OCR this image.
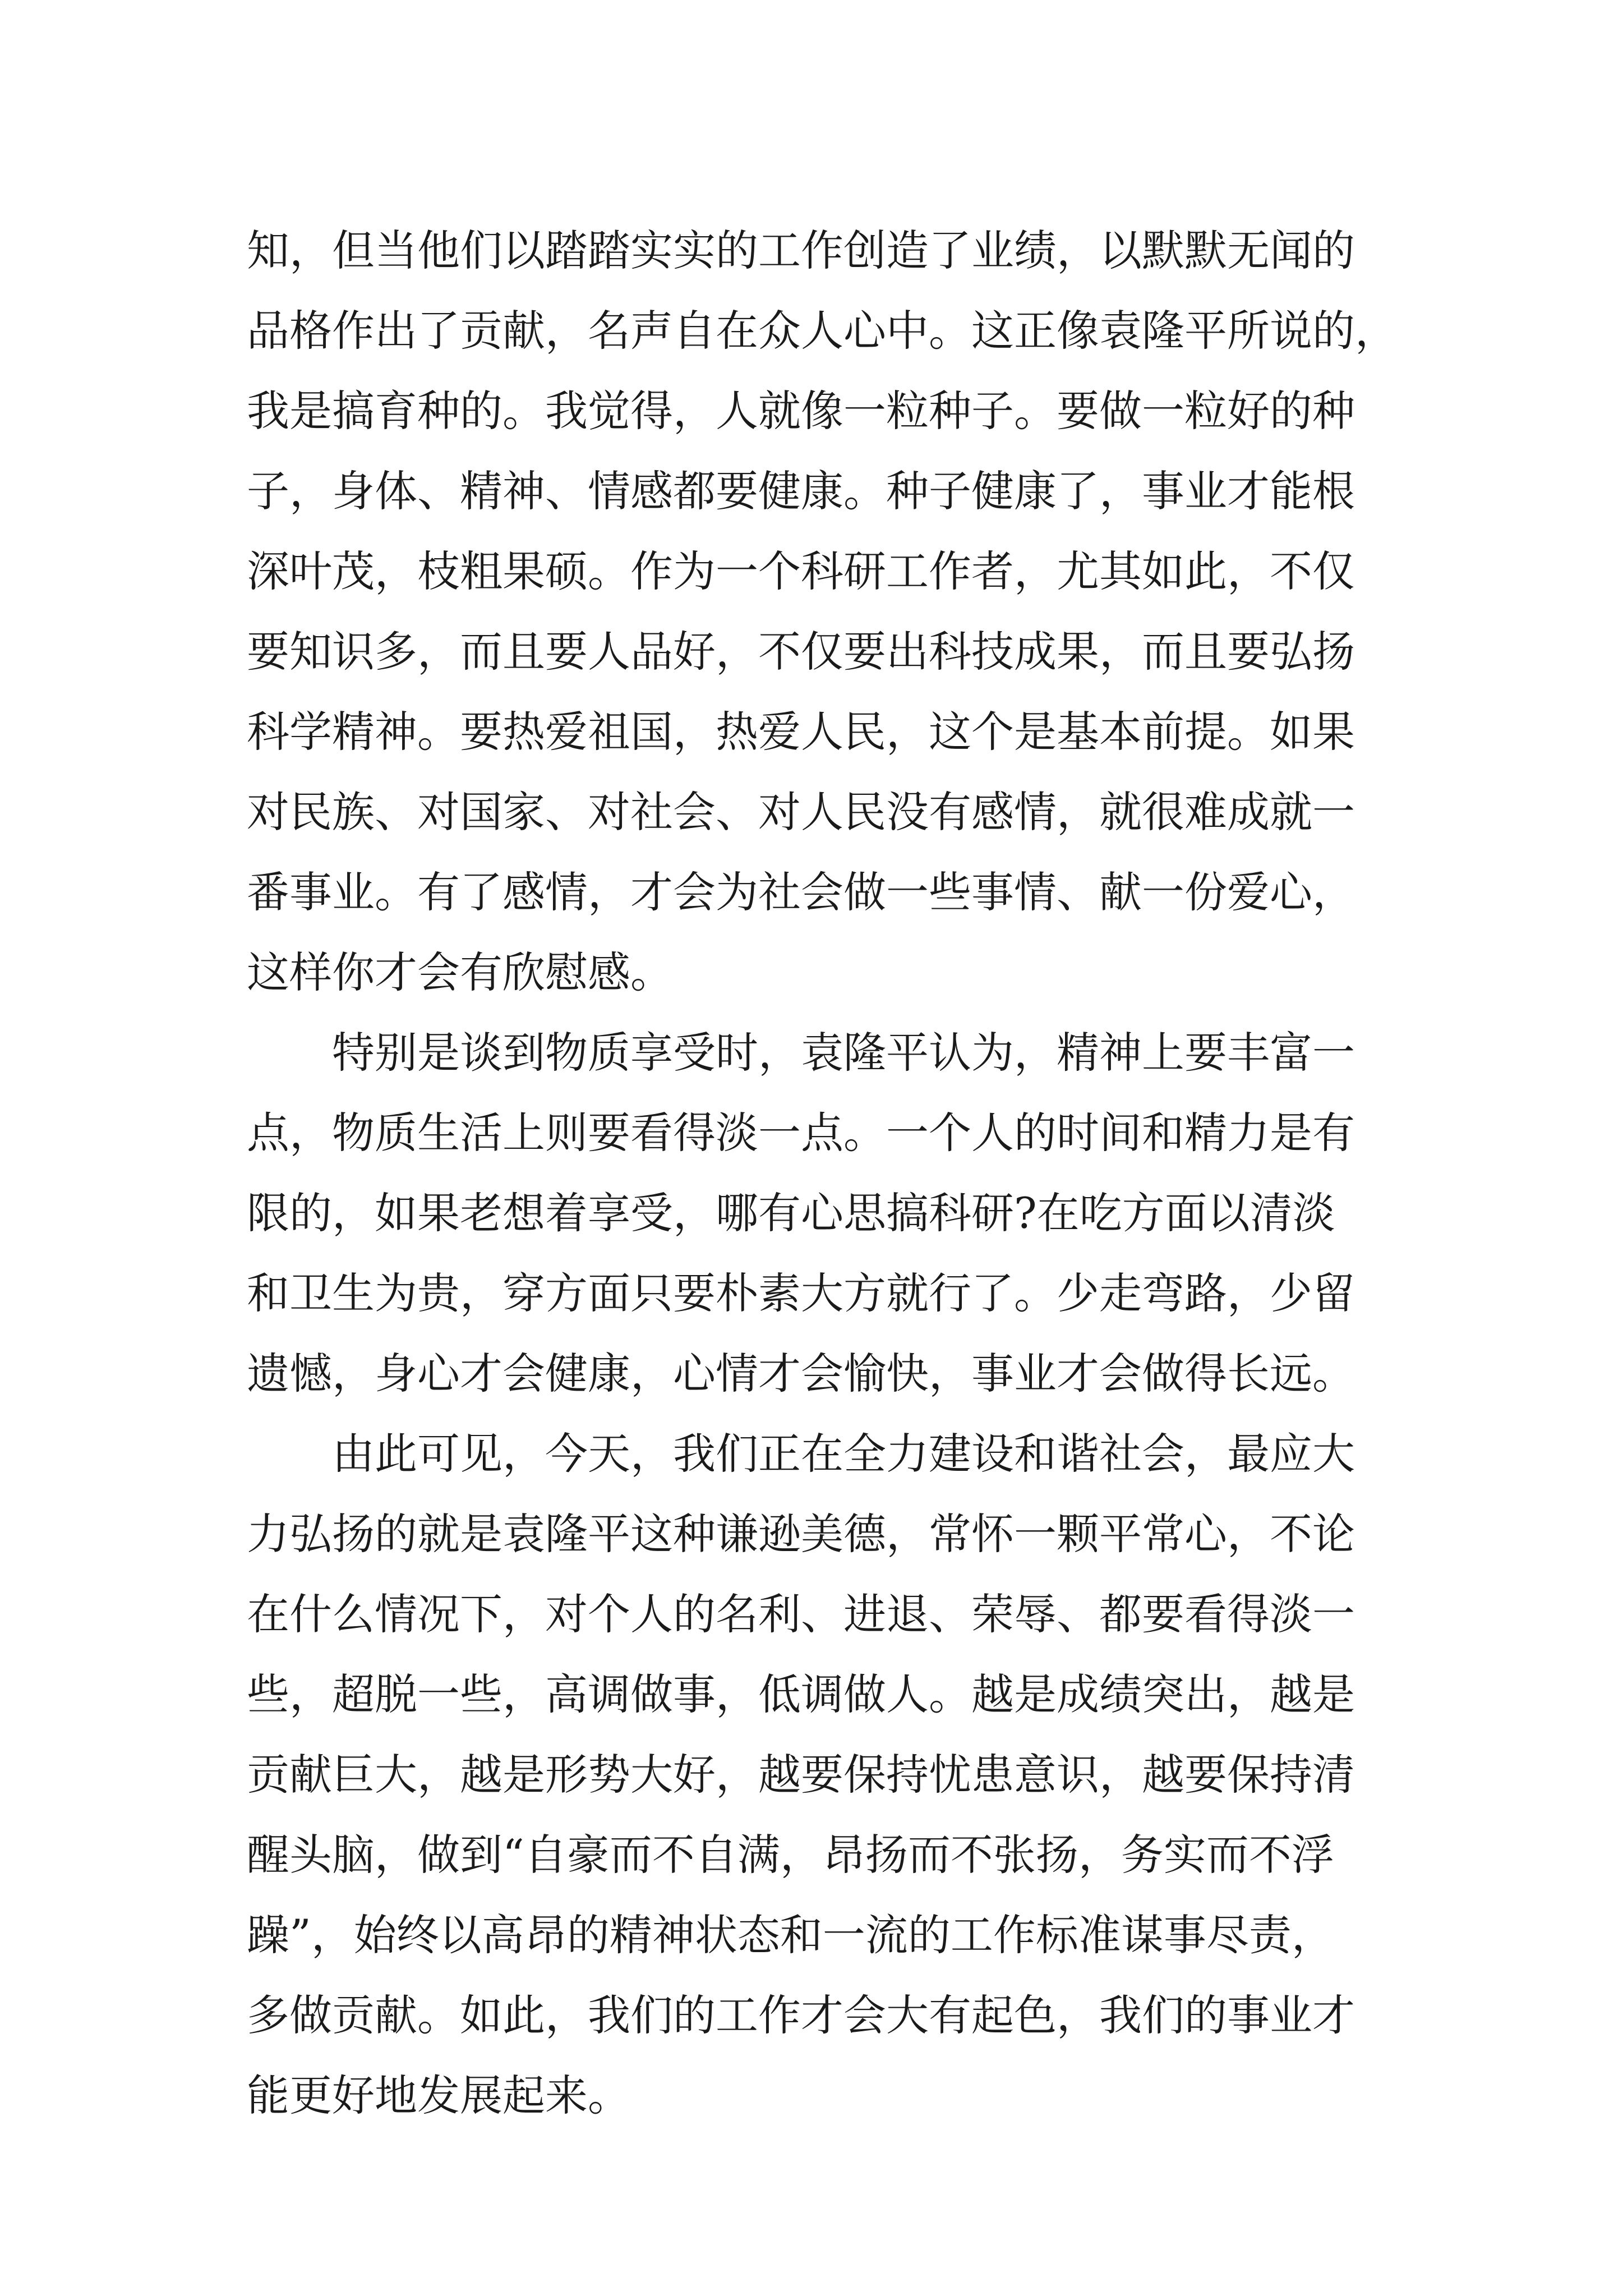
知，但当他们以踏踏实实的工作创造了业绩，以默默无闻的
品格作出了贡献，名声自在众人心中。这正像袁隆平所说的，
我是搞育种的。我觉得，人就像一粒种子。要做一粒好的种
子，身体、精神、情感都要健康。种子健康了，事业才能根
深叶茂，枝粗果硕。作为一个科研工作者，尤其如此，不仅
要知识多，而且要人品好，不仅要出科技成果，而且要弘扬
科学精神。要热爱祖国，热爱人民，这个是基本前提。如果
对民族、对国家、对社会、对人民没有感情，就很难成就一
番事业。有了感情，才会为社会做一些事情、献一份爱心，
这样你才会有欣慰感。
特别是谈到物质享受时，袁隆平认为，精神上要丰富一
点，物质生活上则要看得淡一点。一个人的时间和精力是有
限的，如果老想着享受，哪有心思搞科研?在吃方面以清淡
和卫生为贵，穿方面只要朴素大方就行了。少走弯路，少留
遗憾，身心才会健康，心情才会愉快，事业才会做得长远。
由此可见，今天，我们正在全力建设和谐社会，最应大
力弘扬的就是袁隆平这种谦逊美德，常怀一颗平常心，不论
在什么情况下，对个人的名利、进退、荣辱、都要看得淡一
些，超脱一些，高调做事，低调做人。越是成绩突出，越是
贡献巨大，越是形势大好，越要保持忧患意识，越要保持清
醒头脑，做到“自豪而不自满，昂扬而不张扬，务实而不浮
躁”，始终以高昂的精神状态和一流的工作标准谋事尽责，
多做贡献。如此，我们的工作才会大有起色，我们的事业才
能更好地发展起来。
